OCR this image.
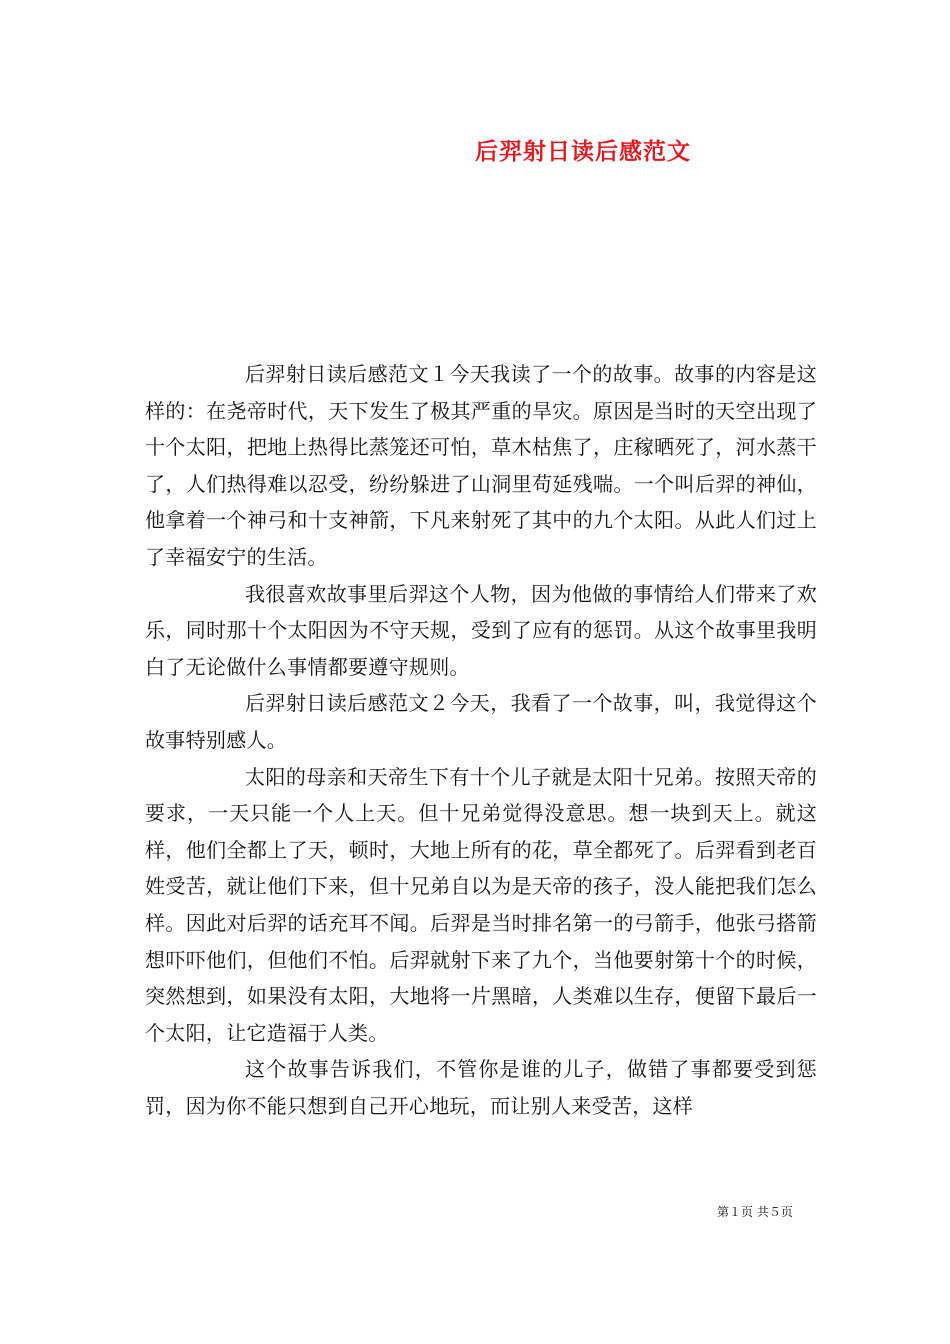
后羿射日读后感范文

后羿射日读后感范文１今天我读了一个的故事。故事的内容是这样的：在尧帝时代，天下发生了极其严重的旱灾。原因是当时的天空出现了十个太阳，把地上热得比蒸笼还可怕，草木枯焦了，庄稼晒死了，河水蒸干了，人们热得难以忍受，纷纷躲进了山洞里苟延残喘。一个叫后羿的神仙，他拿着一个神弓和十支神箭，下凡来射死了其中的九个太阳。从此人们过上了幸福安宁的生活。

我很喜欢故事里后羿这个人物，因为他做的事情给人们带来了欢乐，同时那十个太阳因为不守天规，受到了应有的惩罚。从这个故事里我明白了无论做什么事情都要遵守规则。

后羿射日读后感范文２今天，我看了一个故事，叫，我觉得这个故事特别感人。

太阳的母亲和天帝生下有十个儿子就是太阳十兄弟。按照天帝的要求，一天只能一个人上天。但十兄弟觉得没意思。想一块到天上。就这样，他们全都上了天，顿时，大地上所有的花，草全都死了。后羿看到老百姓受苦，就让他们下来，但十兄弟自以为是天帝的孩子，没人能把我们怎么样。因此对后羿的话充耳不闻。后羿是当时排名第一的弓箭手，他张弓搭箭想吓吓他们，但他们不怕。后羿就射下来了九个，当他要射第十个的时候，突然想到，如果没有太阳，大地将一片黑暗，人类难以生存，便留下最后一个太阳，让它造福于人类。

这个故事告诉我们，不管你是谁的儿子，做错了事都要受到惩罚，因为你不能只想到自己开心地玩，而让别人来受苦，这样

第１页 共５页
